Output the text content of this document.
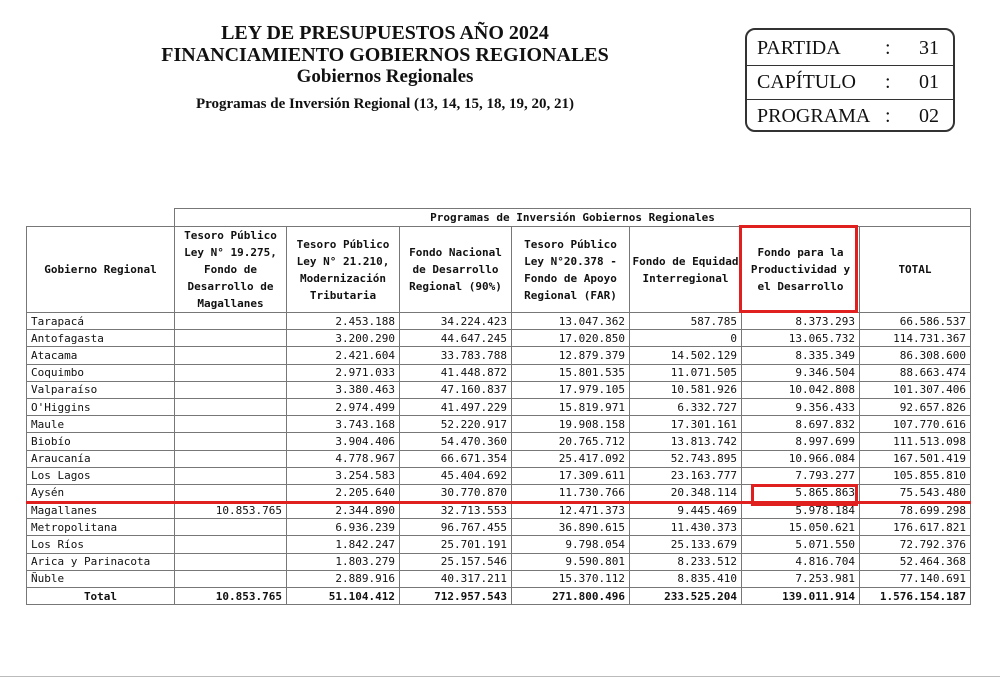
LEY DE PRESUPUESTOS AÑO 2024
FINANCIAMIENTO GOBIERNOS REGIONALES
Gobiernos Regionales
Programas de Inversión Regional (13, 14, 15, 18, 19, 20, 21)
PARTIDA : 31
CAPÍTULO : 01
PROGRAMA : 02
	Programas de Inversión Gobiernos Regionales						
Gobierno Regional	Tesoro Público Ley N° 19.275, Fondo de Desarrollo de Magallanes	Tesoro Público Ley N° 21.210, Modernización Tributaria	Fondo Nacional de Desarrollo Regional (90%)	Tesoro Público Ley N°20.378 - Fondo de Apoyo Regional (FAR)	Fondo de Equidad Interregional	Fondo para la Productividad y el Desarrollo	TOTAL
Tarapacá		2.453.188	34.224.423	13.047.362	587.785	8.373.293	66.586.537
Antofagasta		3.200.290	44.647.245	17.020.850	0	13.065.732	114.731.367
Atacama		2.421.604	33.783.788	12.879.379	14.502.129	8.335.349	86.308.600
Coquimbo		2.971.033	41.448.872	15.801.535	11.071.505	9.346.504	88.663.474
Valparaíso		3.380.463	47.160.837	17.979.105	10.581.926	10.042.808	101.307.406
O'Higgins		2.974.499	41.497.229	15.819.971	6.332.727	9.356.433	92.657.826
Maule		3.743.168	52.220.917	19.908.158	17.301.161	8.697.832	107.770.616
Biobío		3.904.406	54.470.360	20.765.712	13.813.742	8.997.699	111.513.098
Araucanía		4.778.967	66.671.354	25.417.092	52.743.895	10.966.084	167.501.419
Los Lagos		3.254.583	45.404.692	17.309.611	23.163.777	7.793.277	105.855.810
Aysén		2.205.640	30.770.870	11.730.766	20.348.114	5.865.863	75.543.480
Magallanes	10.853.765	2.344.890	32.713.553	12.471.373	9.445.469	5.978.184	78.699.298
Metropolitana		6.936.239	96.767.455	36.890.615	11.430.373	15.050.621	176.617.821
Los Ríos		1.842.247	25.701.191	9.798.054	25.133.679	5.071.550	72.792.376
Arica y Parinacota		1.803.279	25.157.546	9.590.801	8.233.512	4.816.704	52.464.368
Ñuble		2.889.916	40.317.211	15.370.112	8.835.410	7.253.981	77.140.691
Total	10.853.765	51.104.412	712.957.543	271.800.496	233.525.204	139.011.914	1.576.154.187
